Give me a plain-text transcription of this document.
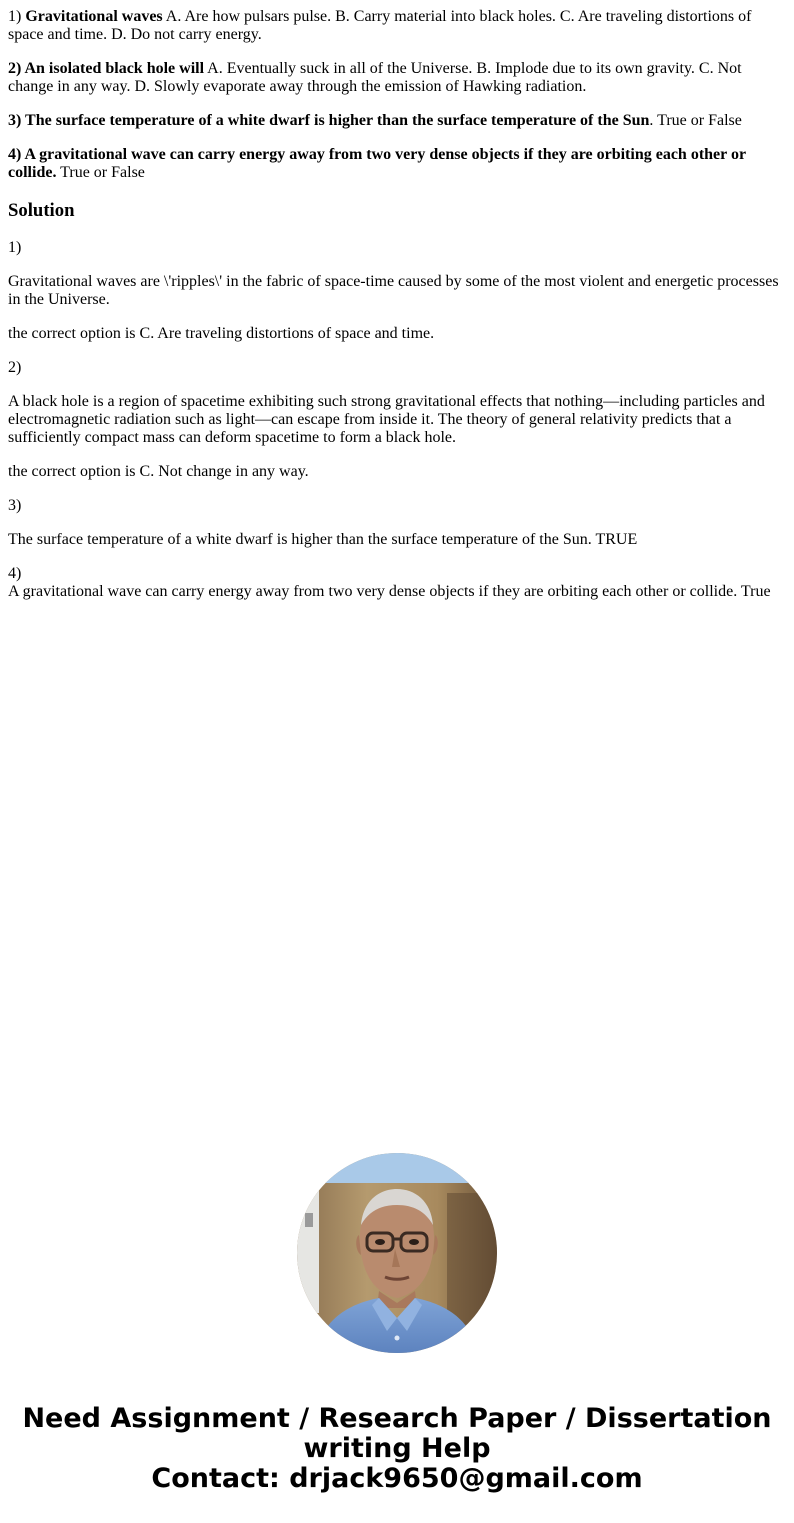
1) Gravitational waves A. Are how pulsars pulse. B. Carry material into black holes. C. Are traveling distortions of space and time. D. Do not carry energy.

2) An isolated black hole will A. Eventually suck in all of the Universe. B. Implode due to its own gravity. C. Not change in any way. D. Slowly evaporate away through the emission of Hawking radiation.

3) The surface temperature of a white dwarf is higher than the surface temperature of the Sun. True or False

4) A gravitational wave can carry energy away from two very dense objects if they are orbiting each other or collide. True or False

Solution

1)

Gravitational waves are \'ripples\' in the fabric of space-time caused by some of the most violent and energetic processes in the Universe.

the correct option is C. Are traveling distortions of space and time.

2)

A black hole is a region of spacetime exhibiting such strong gravitational effects that nothing—including particles and electromagnetic radiation such as light—can escape from inside it. The theory of general relativity predicts that a sufficiently compact mass can deform spacetime to form a black hole.

the correct option is C. Not change in any way.

3)

The surface temperature of a white dwarf is higher than the surface temperature of the Sun. TRUE

4)

A gravitational wave can carry energy away from two very dense objects if they are orbiting each other or collide. True

Need Assignment / Research Paper / Dissertation
writing Help
Contact: drjack9650@gmail.com
